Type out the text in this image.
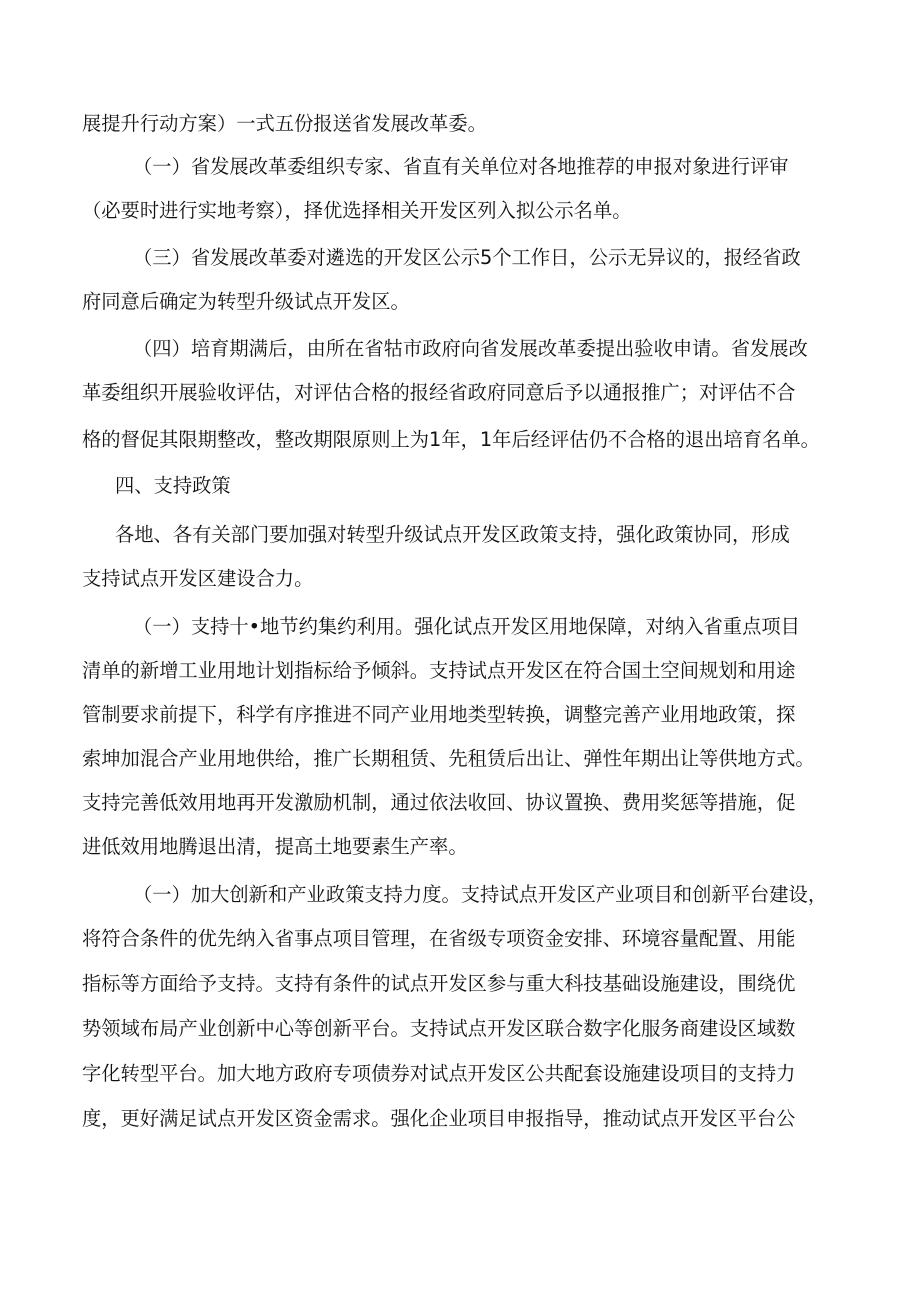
展提升行动方案）一式五份报送省发展改革委。
（一）省发展改革委组织专家、省直有关单位对各地推荐的申报对象进行评审
（必要时进行实地考察），择优选择相关开发区列入拟公示名单。
（三）省发展改革委对遴选的开发区公示5个工作日，公示无异议的，报经省政
府同意后确定为转型升级试点开发区。
（四）培育期满后，由所在省牯市政府向省发展改革委提出验收申请。省发展改
革委组织开展验收评估，对评估合格的报经省政府同意后予以通报推广；对评估不合
格的督促其限期整改，整改期限原则上为1年，1年后经评估仍不合格的退出培育名单。
四、支持政策
各地、各有关部门要加强对转型升级试点开发区政策支持，强化政策协同，形成
支持试点开发区建设合力。
（一）支持十•地节约集约利用。强化试点开发区用地保障，对纳入省重点项目
清单的新增工业用地计划指标给予倾斜。支持试点开发区在符合国土空间规划和用途
管制要求前提下，科学有序推进不同产业用地类型转换，调整完善产业用地政策，探
索坤加混合产业用地供给，推广长期租赁、先租赁后出让、弹性年期出让等供地方式。
支持完善低效用地再开发激励机制，通过依法收回、协议置换、费用奖惩等措施，促
进低效用地腾退出清，提高土地要素生产率。
（一）加大创新和产业政策支持力度。支持试点开发区产业项目和创新平台建设，
将符合条件的优先纳入省事点项目管理，在省级专项资金安排、环境容量配置、用能
指标等方面给予支持。支持有条件的试点开发区参与重大科技基础设施建设，围绕优
势领域布局产业创新中心等创新平台。支持试点开发区联合数字化服务商建设区域数
字化转型平台。加大地方政府专项债券对试点开发区公共配套设施建设项目的支持力
度，更好满足试点开发区资金需求。强化企业项目申报指导，推动试点开发区平台公
